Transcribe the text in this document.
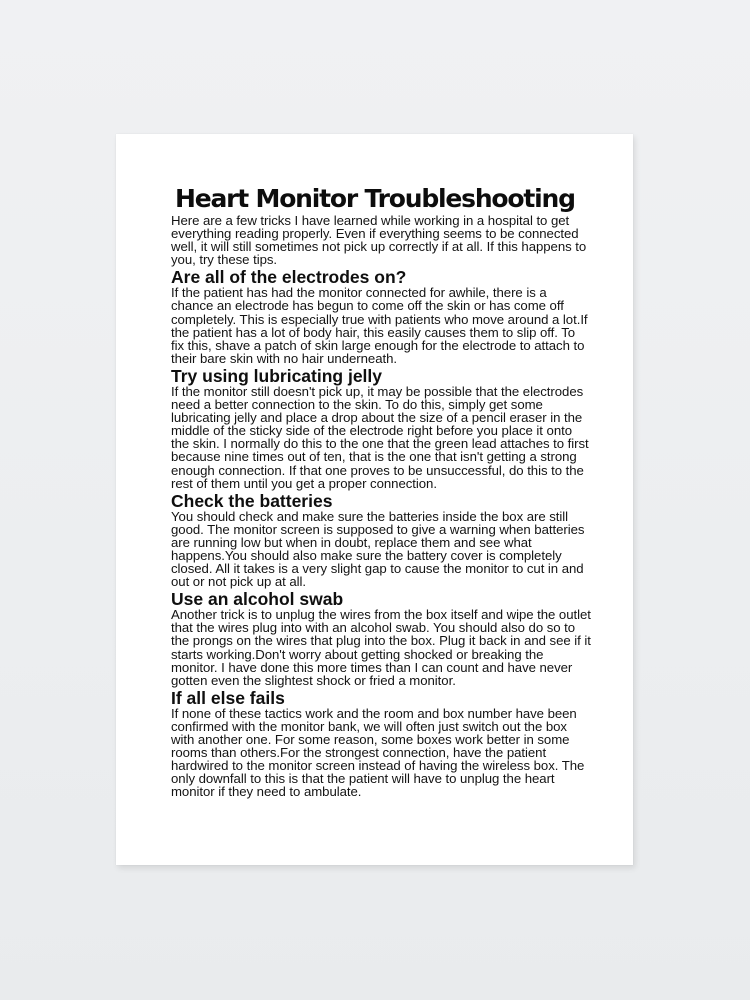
Heart Monitor Troubleshooting

Here are a few tricks I have learned while working in a hospital to get everything reading properly. Even if everything seems to be connected well, it will still sometimes not pick up correctly if at all. If this happens to you, try these tips.

Are all of the electrodes on?

If the patient has had the monitor connected for awhile, there is a chance an electrode has begun to come off the skin or has come off completely. This is especially true with patients who move around a lot.If the patient has a lot of body hair, this easily causes them to slip off. To fix this, shave a patch of skin large enough for the electrode to attach to their bare skin with no hair underneath.

Try using lubricating jelly

If the monitor still doesn't pick up, it may be possible that the electrodes need a better connection to the skin. To do this, simply get some lubricating jelly and place a drop about the size of a pencil eraser in the middle of the sticky side of the electrode right before you place it onto the skin. I normally do this to the one that the green lead attaches to first because nine times out of ten, that is the one that isn't getting a strong enough connection. If that one proves to be unsuccessful, do this to the rest of them until you get a proper connection.

Check the batteries

You should check and make sure the batteries inside the box are still good. The monitor screen is supposed to give a warning when batteries are running low but when in doubt, replace them and see what happens.You should also make sure the battery cover is completely closed. All it takes is a very slight gap to cause the monitor to cut in and out or not pick up at all.

Use an alcohol swab

Another trick is to unplug the wires from the box itself and wipe the outlet that the wires plug into with an alcohol swab. You should also do so to the prongs on the wires that plug into the box. Plug it back in and see if it starts working.Don't worry about getting shocked or breaking the monitor. I have done this more times than I can count and have never gotten even the slightest shock or fried a monitor.

If all else fails

If none of these tactics work and the room and box number have been confirmed with the monitor bank, we will often just switch out the box with another one. For some reason, some boxes work better in some rooms than others.For the strongest connection, have the patient hardwired to the monitor screen instead of having the wireless box. The only downfall to this is that the patient will have to unplug the heart monitor if they need to ambulate.
